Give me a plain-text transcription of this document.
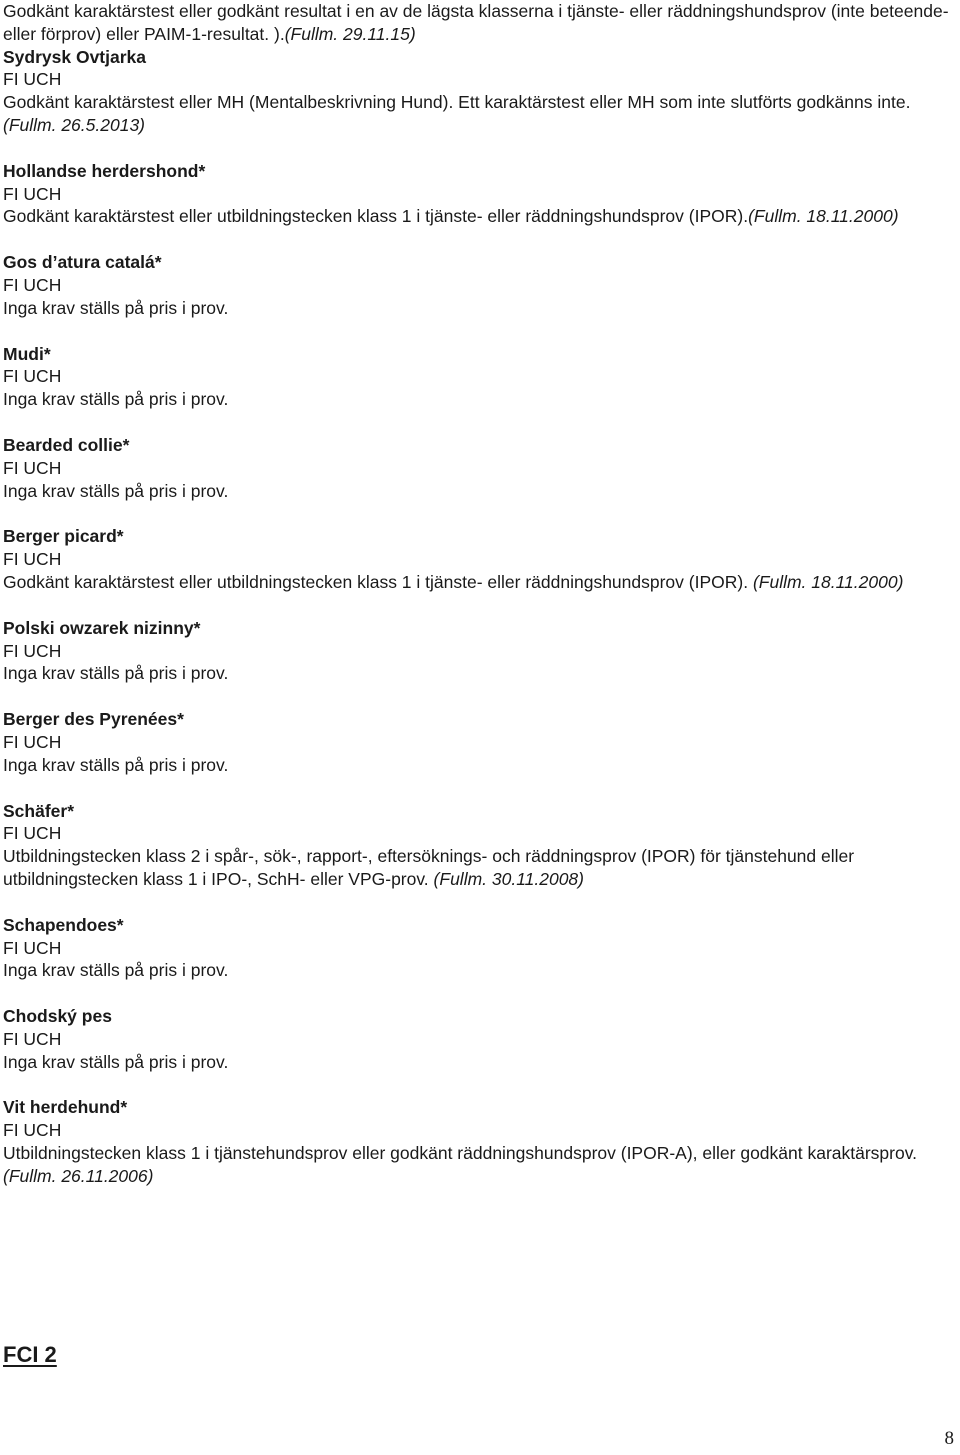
Godkänt karaktärstest eller godkänt resultat i en av de lägsta klasserna i tjänste- eller räddningshundsprov (inte beteende- eller förprov) eller PAIM-1-resultat. ).(Fullm. 29.11.15)

Sydrysk Ovtjarka
FI UCH
Godkänt karaktärstest eller MH (Mentalbeskrivning Hund). Ett karaktärstest eller MH som inte slutförts godkänns inte. (Fullm. 26.5.2013)
Hollandse herdershond*
FI UCH
Godkänt karaktärstest eller utbildningstecken klass 1 i tjänste- eller räddningshundsprov (IPOR).(Fullm. 18.11.2000)
Gos d’atura catalá*
FI UCH
Inga krav ställs på pris i prov.
Mudi*
FI UCH
Inga krav ställs på pris i prov.
Bearded collie*
FI UCH
Inga krav ställs på pris i prov.
Berger picard*
FI UCH
Godkänt karaktärstest eller utbildningstecken klass 1 i tjänste- eller räddningshundsprov (IPOR). (Fullm. 18.11.2000)
Polski owzarek nizinny*
FI UCH
Inga krav ställs på pris i prov.
Berger des Pyrenées*
FI UCH
Inga krav ställs på pris i prov.
Schäfer*
FI UCH
Utbildningstecken klass 2 i spår-, sök-, rapport-, eftersöknings- och räddningsprov (IPOR) för tjänstehund eller utbildningstecken klass 1 i IPO-, SchH- eller VPG-prov. (Fullm. 30.11.2008)
Schapendoes*
FI UCH
Inga krav ställs på pris i prov.
Chodský pes
FI UCH
Inga krav ställs på pris i prov.
Vit herdehund*
FI UCH
Utbildningstecken klass 1 i tjänstehundsprov eller godkänt räddningshundsprov (IPOR-A), eller godkänt karaktärsprov. (Fullm. 26.11.2006)
FCI 2
8
